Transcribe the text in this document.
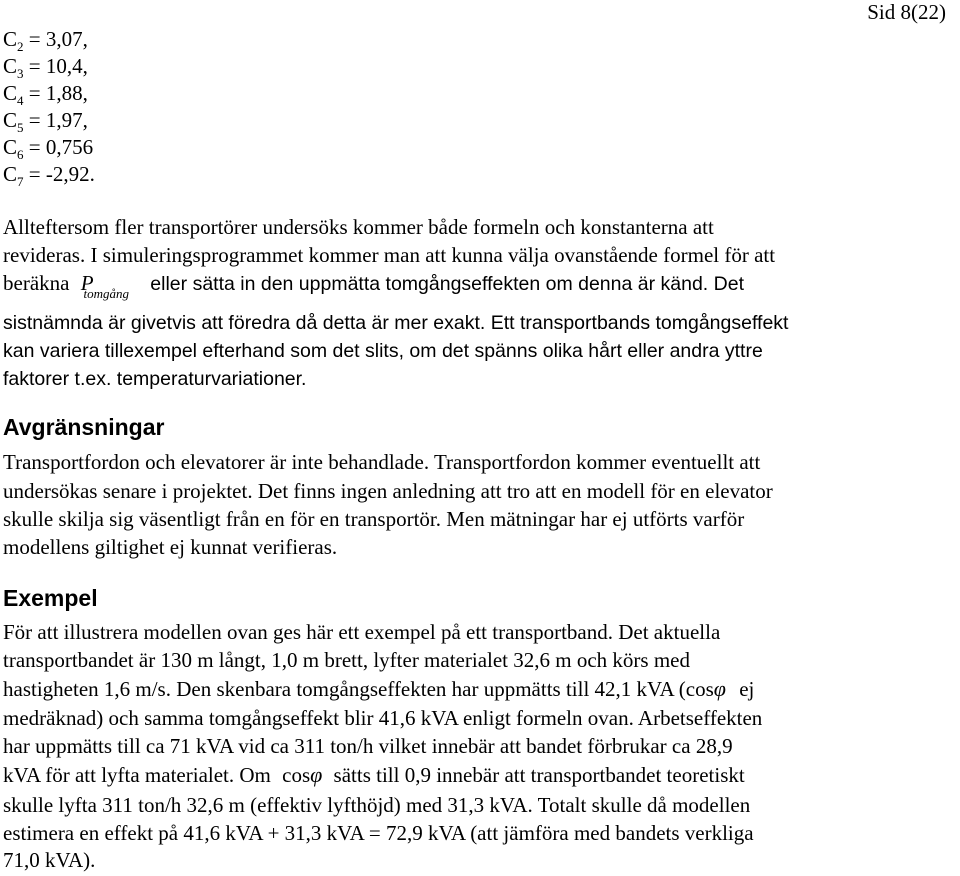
Sid 8(22)
$C_2 = 3,07$,
$C_3 = 10,4$,
$C_4 = 1,88$,
$C_5 = 1,97$,
$C_6 = 0,756$
$C_7 = -2,92$.
Allteftersom fler transportörer undersöks kommer både formeln och konstanterna att
revideras. I simuleringsprogrammet kommer man att kunna välja ovanstående formel för att
beräkna $P_{tomgång}$ eller sätta in den uppmätta tomgångseffekten om denna är känd. Det
sistnämnda är givetvis att föredra då detta är mer exakt. Ett transportbands tomgångseffekt
kan variera tillexempel efterhand som det slits, om det spänns olika hårt eller andra yttre
faktorer t.ex. temperaturvariationer.
Avgränsningar
Transportfordon och elevatorer är inte behandlade. Transportfordon kommer eventuellt att
undersökas senare i projektet. Det finns ingen anledning att tro att en modell för en elevator
skulle skilja sig väsentligt från en för en transportör. Men mätningar har ej utförts varför
modellens giltighet ej kunnat verifieras.
Exempel
För att illustrera modellen ovan ges här ett exempel på ett transportband. Det aktuella
transportbandet är 130 m långt, 1,0 m brett, lyfter materialet 32,6 m och körs med
hastigheten 1,6 m/s. Den skenbara tomgångseffekten har uppmätts till 42,1 kVA (cosφ ej
medräknad) och samma tomgångseffekt blir 41,6 kVA enligt formeln ovan. Arbetseffekten
har uppmätts till ca 71 kVA vid ca 311 ton/h vilket innebär att bandet förbrukar ca 28,9
kVA för att lyfta materialet. Om cosφ sätts till 0,9 innebär att transportbandet teoretiskt
skulle lyfta 311 ton/h 32,6 m (effektiv lyfthöjd) med 31,3 kVA. Totalt skulle då modellen
estimera en effekt på 41,6 kVA + 31,3 kVA = 72,9 kVA (att jämföra med bandets verkliga
71,0 kVA).
